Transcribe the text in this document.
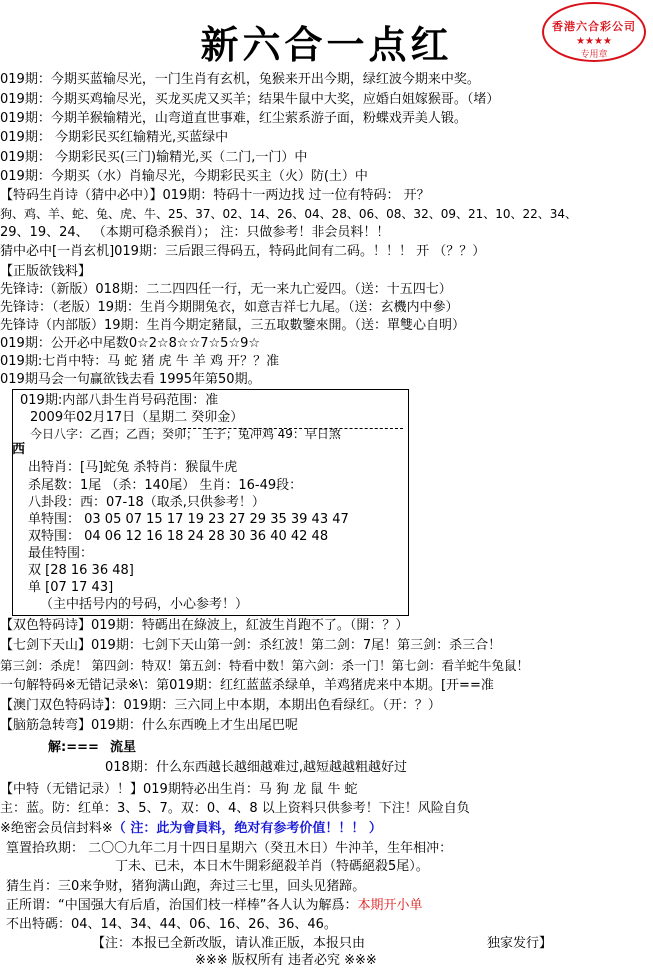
新六合一点红	香港六合彩公司
★★★★
专用章
019期：今期买蓝输尽光，一门生肖有玄机，兔猴来开出今期，绿红波今期来中奖。
019期：今期买鸡输尽光，买龙买虎又买羊；结果牛鼠中大奖，应婚白姐嫁猴哥。（堵）
019期：今期羊猴输精光，山弯道直世事难，红尘萦系游子面，粉蝶戏弄美人锻。
019期： 今期彩民买红输精光,买蓝绿中
019期： 今期彩民买(三门)输精光,买（二门,一门）中
019期：今期买（水）肖输尽光，今期彩民买主（火）防(土）中
【特码生肖诗（猜中必中）】019期：特码十一两边找 过一位有特码： 开？
狗、鸡、羊、蛇、兔、虎、牛、25、37、02、14、26、04、28、06、08、32、09、21、10、22、34、
29、19、24、 （本期可稳杀猴肖）； 注：只做参考！非会员料！！
猜中必中[一肖玄机]019期：三后跟三得码五，特码此间有二码。！！！ 开 （？？）
【正版欲钱料】
先锋诗:（新版）018期：二二四四任一行，无一来九亡爱四。（送：十五四七）
先锋诗：（老版）19期：生肖今期開兔衣，如意吉祥七九尾。（送：玄機内中參）
先锋诗（内部版）19期：生肖今期定豬鼠，三五取數鑒來開。（送：單雙心自明）
019期：公开必中尾数0☆2☆8☆☆7☆5☆9☆
019期:七肖中特：马 蛇 猪 虎 牛 羊 鸡 开？？准
019期马会一句赢欲钱去看 1995年第50期。
019期:内部八卦生肖号码范围：准
2009年02月17日（星期二 癸卯金）
今日八字：乙酉；乙酉；癸卯； 壬子；兔冲鸡 49：早日煞
西
出特肖：[马]蛇兔 杀特肖：猴鼠牛虎
杀尾数：1尾 （杀：140尾） 生肖：16-49段：
八卦段：西：07-18（取杀,只供参考！）
单特围： 03 05 07 15 17 19 23 27 29 35 39 43 47
双特围： 04 06 12 16 18 24 28 30 36 40 42 48
最佳特围：
双 [28 16 36 48]
单 [07 17 43]
（主中括号内的号码，小心参考！）
【双色特码诗】019期：特碼出在綠波上，紅波生肖跑不了。（開：？）
【七剑下天山】019期：七剑下天山第一剑：杀红波！第二剑：7尾！第三剑：杀三合！
第三剑：杀虎！ 第四剑：特双！第五剑：特看中数！第六剑：杀一门！第七剑：看羊蛇牛兔鼠！
一句解特码※无错记录※\：第019期：红红蓝蓝杀绿单，羊鸡猪虎来中本期。[开==准
【澳门双色特码诗】：019期：三六同上中本期，本期出色看绿红。（开：？）
【脑筋急转弯】019期：什么东西晚上才生出尾巴呢
解:=== 流星
018期：什么东西越长越细越难过,越短越越粗越好过
【中特（无错记录）！】019期特必出生肖：马 狗 龙 鼠 牛 蛇
主：蓝。防：红单：3、5、7。双：0、4、8 以上资料只供参考！下注！风险自负
※绝密会员信封料※（ 注：此为會員料，绝对有参考价值！！！ ）
篁置拾玖期： 二〇〇九年二月十四日星期六（癸丑木日）牛沖羊，生年相冲：
丁未、已未，本日木牛開彩絕殺羊肖（特碼絕殺5尾）。
猜生肖：三0来争财，猪狗满山跑，奔过三七里，回头见猪蹄。
正所谓：“中国强大有后盾，治国们枝一样棒”各人认为解爲：本期开小单
不出特碼：04、14、34、44、06、16、26、36、46。
【注：本报已全新改版，请认准正版，本报只由	独家发行】
※※※ 版权所有 违者必究 ※※※
